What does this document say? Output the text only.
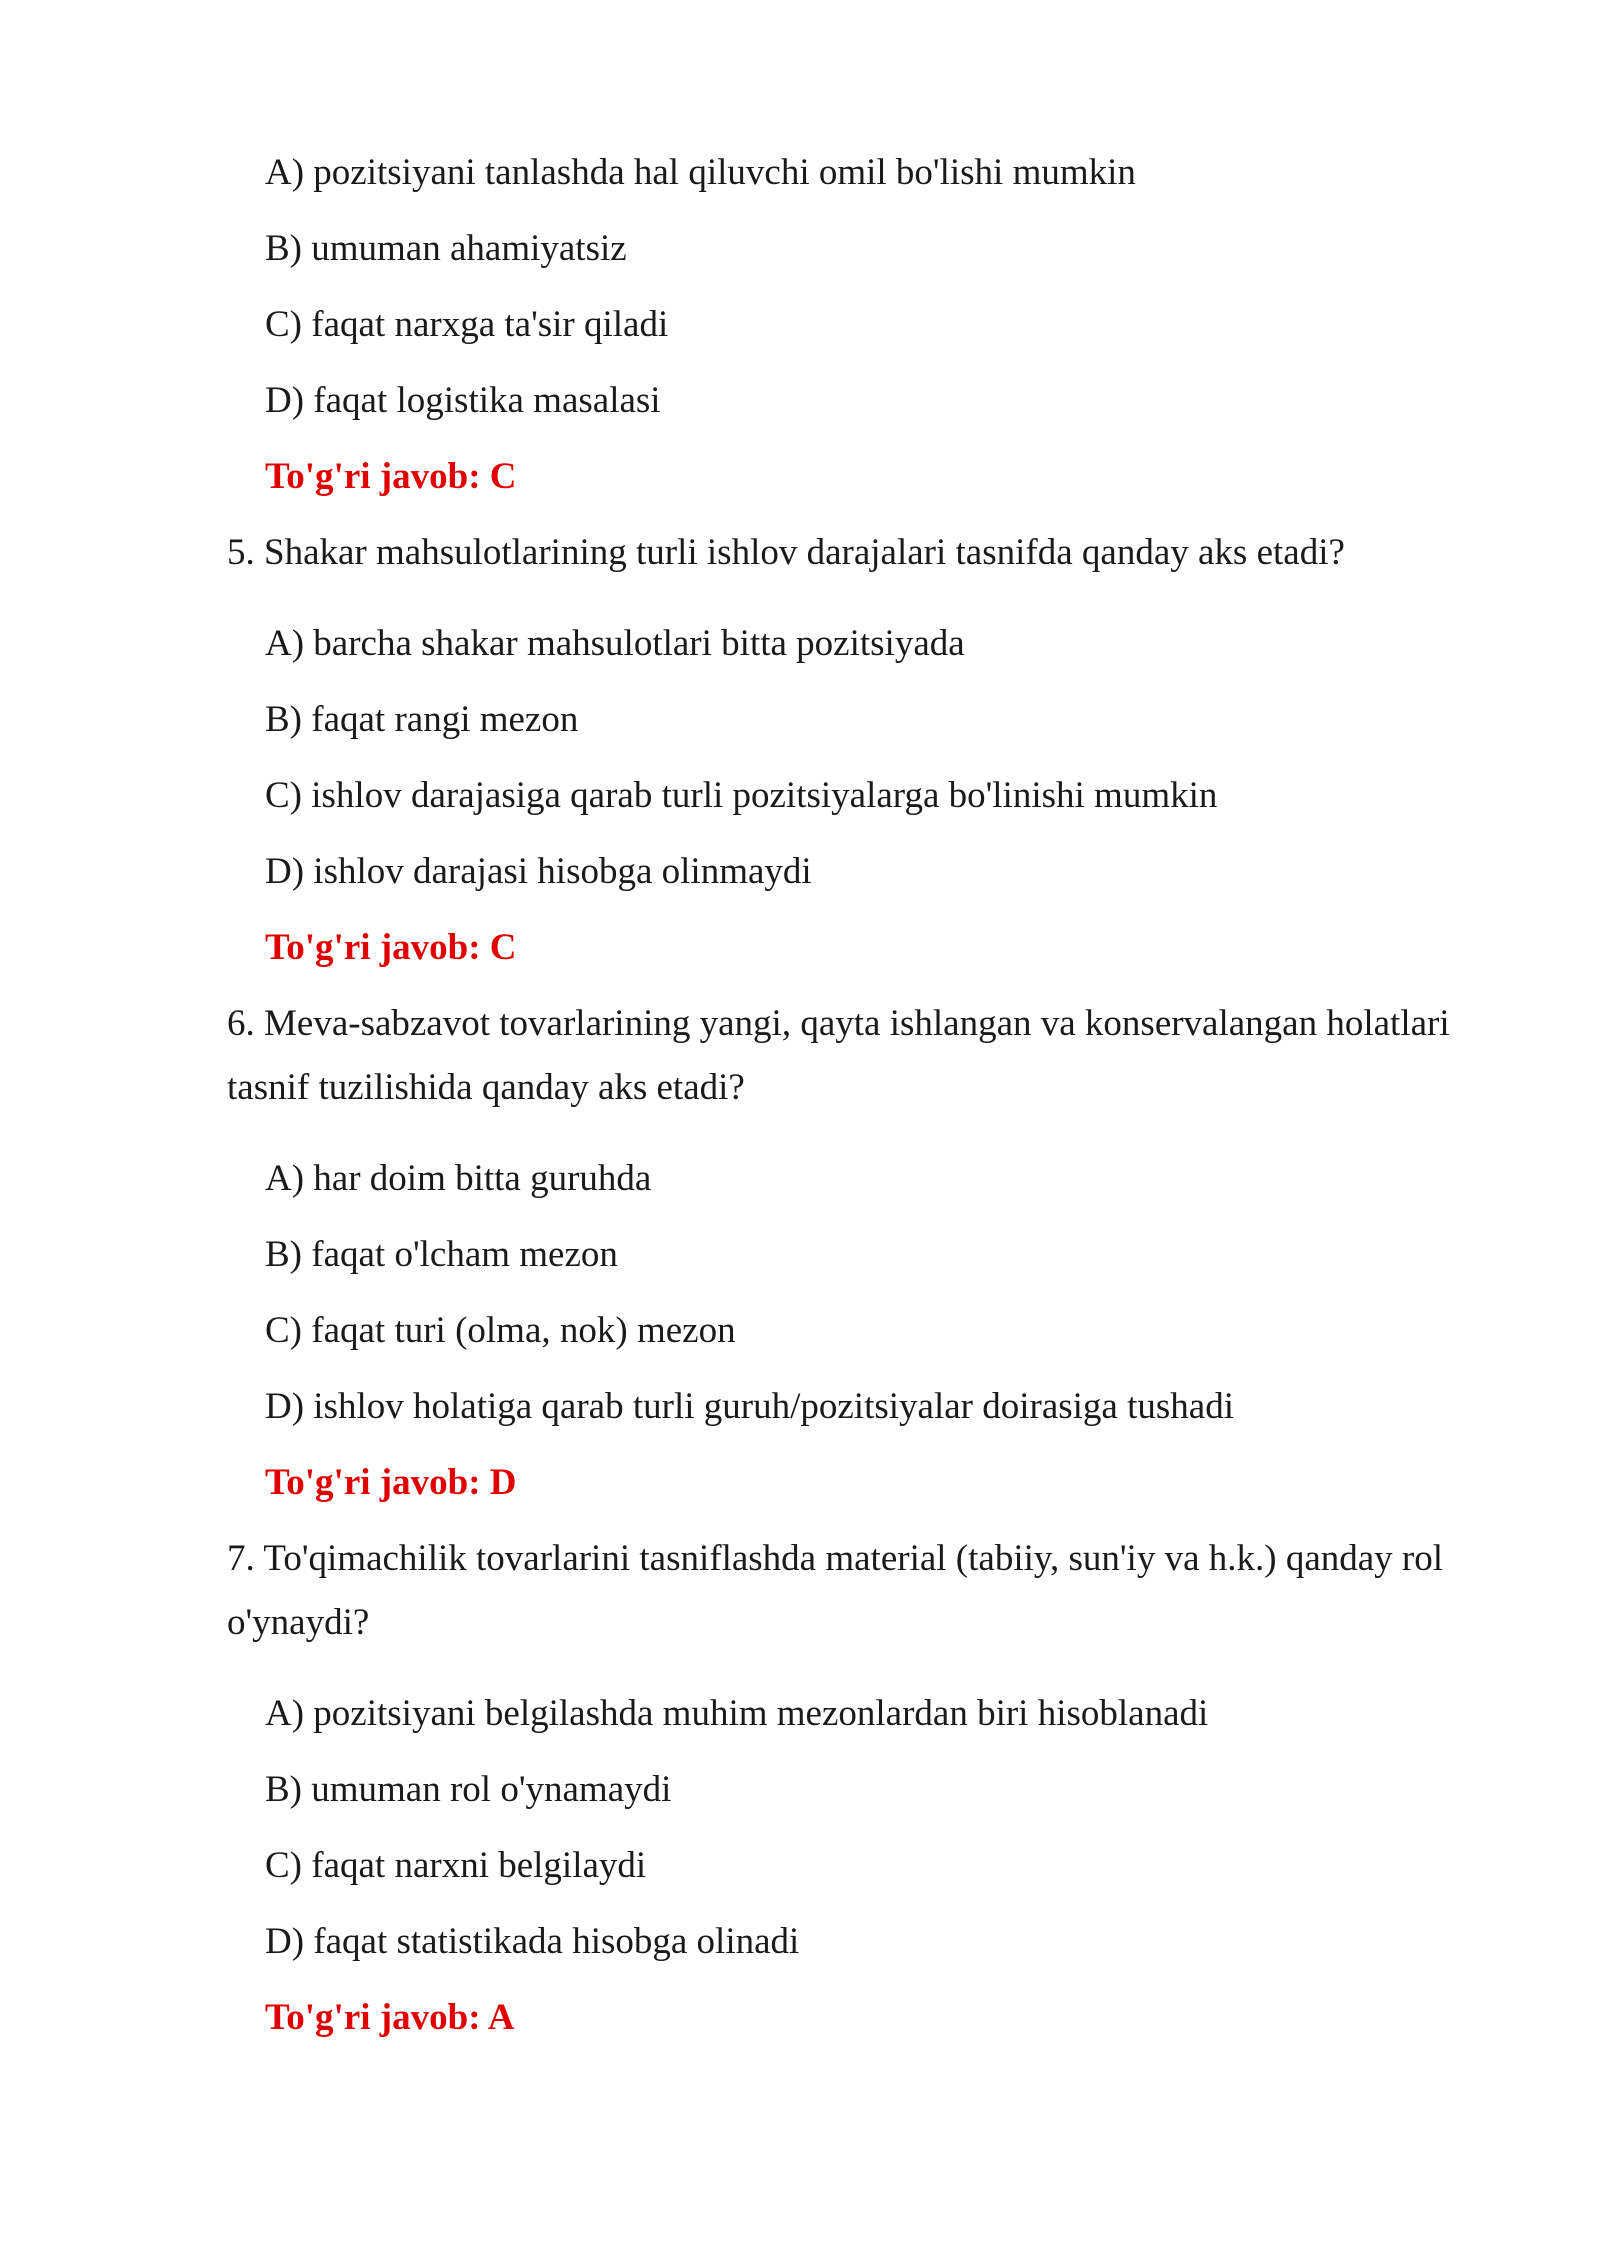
A) pozitsiyani tanlashda hal qiluvchi omil bo'lishi mumkin
B) umuman ahamiyatsiz
C) faqat narxga ta'sir qiladi
D) faqat logistika masalasi
To'g'ri javob: C
5. Shakar mahsulotlarining turli ishlov darajalari tasnifda qanday aks etadi?
A) barcha shakar mahsulotlari bitta pozitsiyada
B) faqat rangi mezon
C) ishlov darajasiga qarab turli pozitsiyalarga bo'linishi mumkin
D) ishlov darajasi hisobga olinmaydi
To'g'ri javob: C
6. Meva-sabzavot tovarlarining yangi, qayta ishlangan va konservalangan holatlari
tasnif tuzilishida qanday aks etadi?
A) har doim bitta guruhda
B) faqat o'lcham mezon
C) faqat turi (olma, nok) mezon
D) ishlov holatiga qarab turli guruh/pozitsiyalar doirasiga tushadi
To'g'ri javob: D
7. To'qimachilik tovarlarini tasniflashda material (tabiiy, sun'iy va h.k.) qanday rol
o'ynaydi?
A) pozitsiyani belgilashda muhim mezonlardan biri hisoblanadi
B) umuman rol o'ynamaydi
C) faqat narxni belgilaydi
D) faqat statistikada hisobga olinadi
To'g'ri javob: A
